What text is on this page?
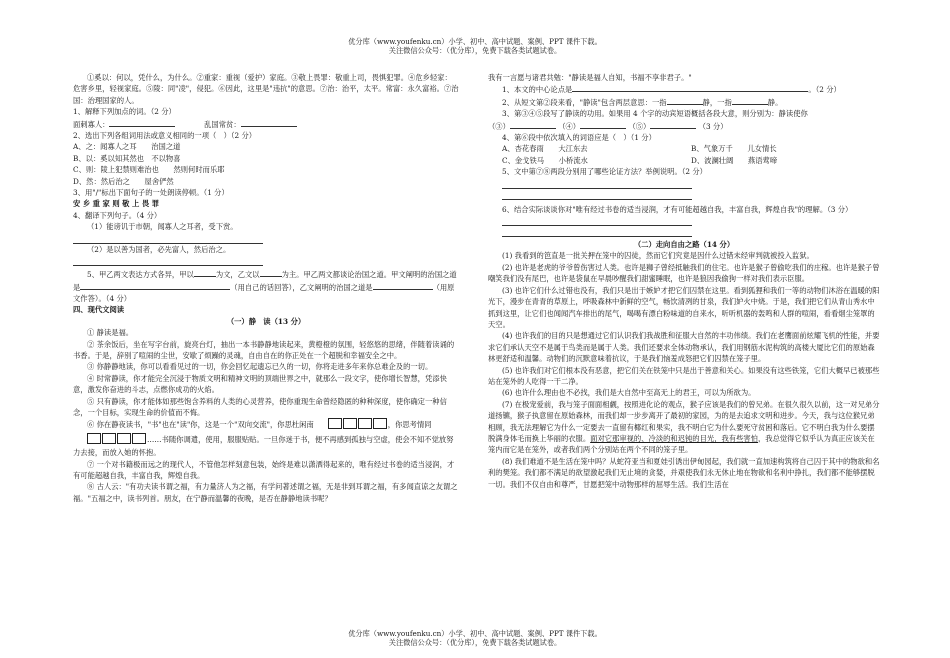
优分库（www.youfenku.cn）小学、初中、高中试题、案例、PPT 课件下载。
关注微信公众号：（优分库），免费下载各类试题试卷。

①奚以：何以，凭什么，为什么。②重家：重视（爱护）家庭。③敬上畏罪：敬重上司，畏惧犯罪。④危乡轻家：危害乡里，轻视家庭。⑤陵：同"凌"，侵犯。⑥因此，这里是"违抗"的意思。⑦治：治平，太平。常富：永久富裕。⑦治国：治理国家的人。

1、解释下列加点的词。（2 分）

面刺寡人：	乱国常贫：

2、选出下列各组词用法或意义相同的一项（　）（2 分）

A、之：闻寡人之耳　　治国之道

B、以：奚以知其然也　不以物喜

C、则：陵上犯禁则难治也　　然则何时而乐耶

D、然：然后治之　　屋舍俨然

3、用"/"标出下面句子的一处朗读停顿。（1 分）

安 乡 重 家 则 敬 上 畏 罪

4、翻译下列句子。（4 分）

（1）能谤讥于市朝，闻寡人之耳者，受下赏。

（2）是以善为国者，必先富人，然后治之。

5、甲乙两文表达方式各异，甲以	为文，乙文以	为主。甲乙两文都谈论治国之道。甲文阐明的治国之道是	（用自己的话回答），乙文阐明的治国之道是	（用原文作答）。（4 分）

四、现代文阅读

（一）静　读（13 分）

① 静读是福。

② 茶余饭后，坐在写字台前，旋亮台灯，抽出一本书静静地读起来，黄橙橙的氛围，轻悠悠的思绪，伴随着读诵的书香。于是，辞别了喧闹的尘世，安歇了烦躁的灵魂，自由自在的你正处在一个超脱和幸福安全之中。

③ 你静静地读，你可以看看见过的一切，你会回忆起遗忘已久的一切，你将走进多年来你总难企及的一切。

④ 时常静读，你才能完全沉浸于物质文明和精神文明的顶端世界之中，就那么一段文字，使你增长智慧，凭添快意，激发你奋进的斗志，点燃你成功的火焰。

⑤ 只有静读，你才能体如那些饱含养料的人类的心灵营养，使你重现生命曾经隐匿的种种深度，使你确定一种信念，一个目标，实现生命的价值而不悔。

⑥ 你在静夜读书，"书"也在"读"你，这是一个"双向交流"，你思杜闲南	，你思考情同……书随你调遣，使用，服服贴贴。一旦你迷于书，便不再感到孤独与空虚，使会不知不觉放努力去接，而放入她的怀抱。

⑦ 一个对书籍极而远之的现代人，不管他怎样刻意包装，始终是难以潇洒得起来的，唯有经过书卷的适当浸润，才有可能超越自我，丰富自我，辉煌自我。

⑧ 古人云："有功夫读书谓之福，有力量济人为之福，有学问著述谓之福，无是非到耳谓之福，有多闻直谅之友谓之福。"五福之中，读书列首。朋友，在宁静而温馨的夜晚，是否在静静地读书呢？

我有一言愿与诸君共勉："静读是福人自知，书福不享非君子。"

1、本文的中心论点是	。（2 分）

2、从短文第②段来看，"静读"包含两层意思：一指	静，一指	静。

3、第③④⑤段写了静读的功用。如果用 4 个字的动宾短语概括各段大意，则分别为：静读使你

（③）	（④）	（⑤）	（3 分）

4、第⑥段中依次填入的词语应是（　）（1 分）

A、杏花春雨　　大江东去	B、气象万千　　儿女情长
C、金戈铁马　　小桥流水	D、波澜壮阔　　燕语莺啼

5、文中第⑦⑧两段分别用了哪些论证方法？举例说明。（2 分）

6、结合实际谈谈你对"唯有经过书卷的适当浸润，才有可能超越自我，丰富自我，辉煌自我"的理解。（3 分）

（二）走向自由之路（14 分）

(1) 我看到的笆直是一批关押在笼中的囚徒，然而它们究竟是因什么过错未经审判就被投入监狱。

(2) 也许是老虎的爷爷曾伤害过人类。也许是狮子曾经抵触我们的住宅。也许是猴子曾偷吃我们的庄稼。也许是猴子曾嘲笑我们没有尾巴，也许是袋鼠在早晨吵醒我们甜蜜睡眠，也许是狼因我偷狗一样对我们表示臣服。

(3) 也许它们什么过错也没有，我们只是出于嫉妒才把它们囚禁在这里。看到狐狸和我们一等的动物们沐浴在温暖的阳光下，漫步在青青的草原上，呼吸森林中新鲜的空气，畅饮清冽的甘泉，我们妒火中烧。于是，我们把它们从青山秀水中抓到这里，让它们也闻闻汽车排出的尾气，喝喝有漂白粉味道的自来水，听听机器的轰鸣和人群的喧闹，看看烟尘笼罩的天空。

(4) 也许我们的目的只是想通过它们认识我们我战胜和征服大自然的丰功伟绩。我们在老鹰面前炫耀飞机的性能，并要求它们承认天空不是属于鸟类而是属于人类。我们还要求全体动物承认，我们用钢筋水泥构筑的高楼大厦比它们的原始森林更舒适和温馨。动物们的沉默意味着抗议，于是我们恼羞成怒把它们囚禁在笼子里。

(5) 也许我们对它们根本没有恶意，把它们关在铁笼中只是出于善意和关心。如果没有这些铁笼，它们大概早已被那些站在笼外的人吃得一干二净。

(6) 也许什么理由也不必找，我们是大自然中至高无上的君王，可以为所欲为。

(7) 在极宠爱前，我与笼子面面相觑，按照进化论的观点，猴子应该是我们的曾兄弟。在很久很久以前，这一对兄弟分道扬镳，猴子执意留在原始森林，而我们却一步步离开了最初的家园，为的是去追求文明和进步。今天，我与这位猴兄弟相顾，我无法理解它为什么一定要去一直留有椰红和果实，我不明白它为什么要死守贫困和落后。它不明白我为什么要摆脱满身体毛而换上华丽的衣服。面对它那审视的、冷淡的和迟钝的目光，我有些害怕，我总觉得它似乎认为真正应该关在笼内而它是在笼外，或者我们两个分别站在两个不同的笼子里。

(8) 我们难道不是生活在笼中吗？从蛇符亚当和夏娃引诱出伊甸园起，我们就一直加速构筑将自己囚于其中的物欲和名利的樊笼。我们都不满足的欲望激起我们无止境的贪婪，并艰使我们永无休止地在物欲和名利中挣扎，我们都不能够摆脱一切。我们不仅自由和尊严，甘愿把笼中动物那样的屈辱生活。我们生活在

优分库（www.youfenku.cn）小学、初中、高中试题、案例、PPT 课件下载。
关注微信公众号：（优分库），免费下载各类试题试卷。
